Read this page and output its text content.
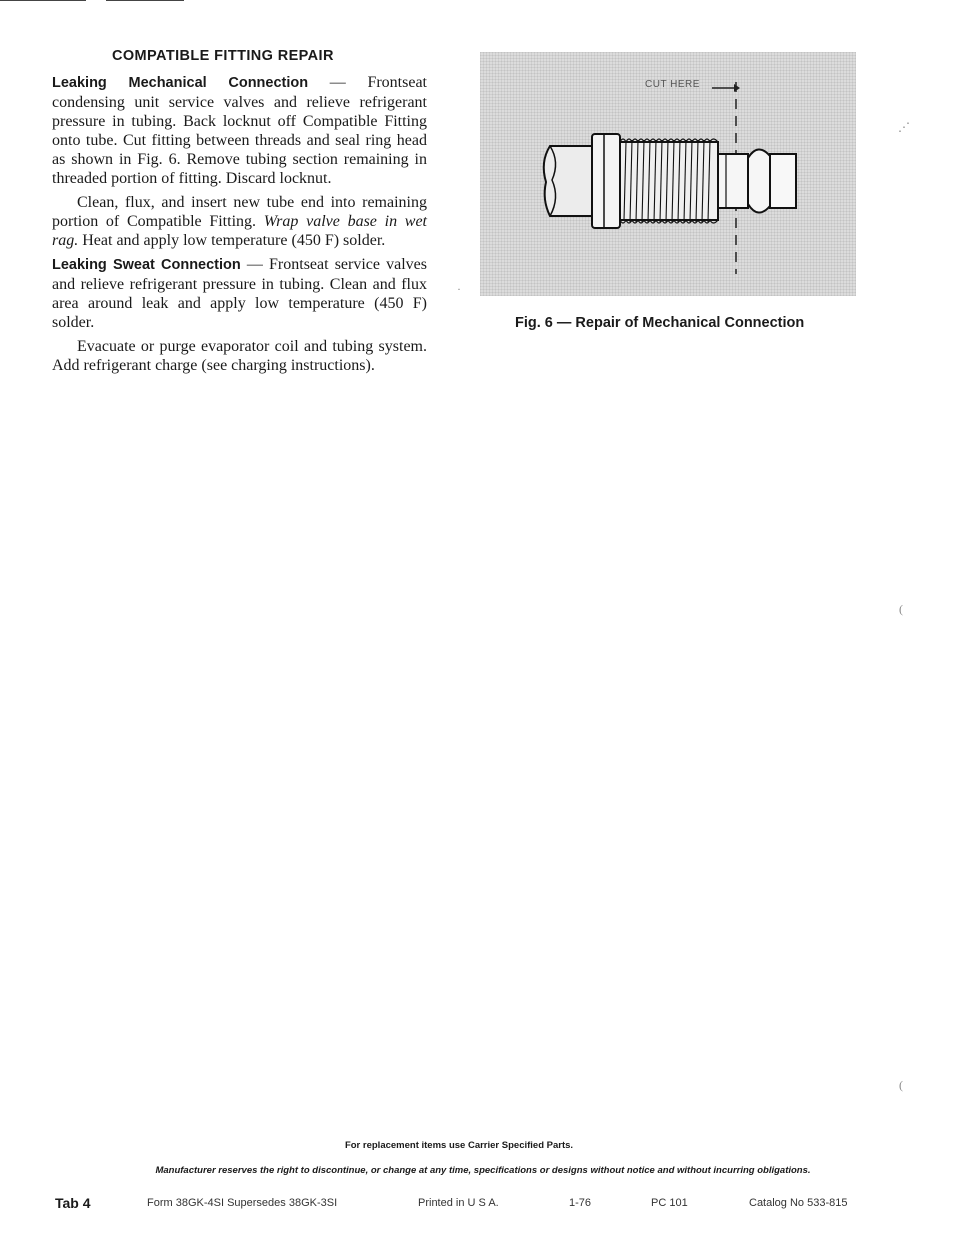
COMPATIBLE FITTING REPAIR

Leaking Mechanical Connection — Frontseat condensing unit service valves and relieve refrigerant pressure in tubing. Back locknut off Compatible Fitting onto tube. Cut fitting between threads and seal ring head as shown in Fig. 6. Remove tubing section remaining in threaded portion of fitting. Discard locknut.

Clean, flux, and insert new tube end into remaining portion of Compatible Fitting. Wrap valve base in wet rag. Heat and apply low temperature (450 F) solder.

Leaking Sweat Connection — Frontseat service valves and relieve refrigerant pressure in tubing. Clean and flux area around leak and apply low temperature (450 F) solder.

Evacuate or purge evaporator coil and tubing system. Add refrigerant charge (see charging instructions).

CUT HERE
Fig. 6 — Repair of Mechanical Connection
·
⋰
(
(
For replacement items use Carrier Specified Parts.
Manufacturer reserves the right to discontinue, or change at any time, specifications or designs without notice and without incurring obligations.
Tab 4	Form 38GK-4SI Supersedes 38GK-3SI	Printed in U S A.	1-76	PC 101	Catalog No 533-815
